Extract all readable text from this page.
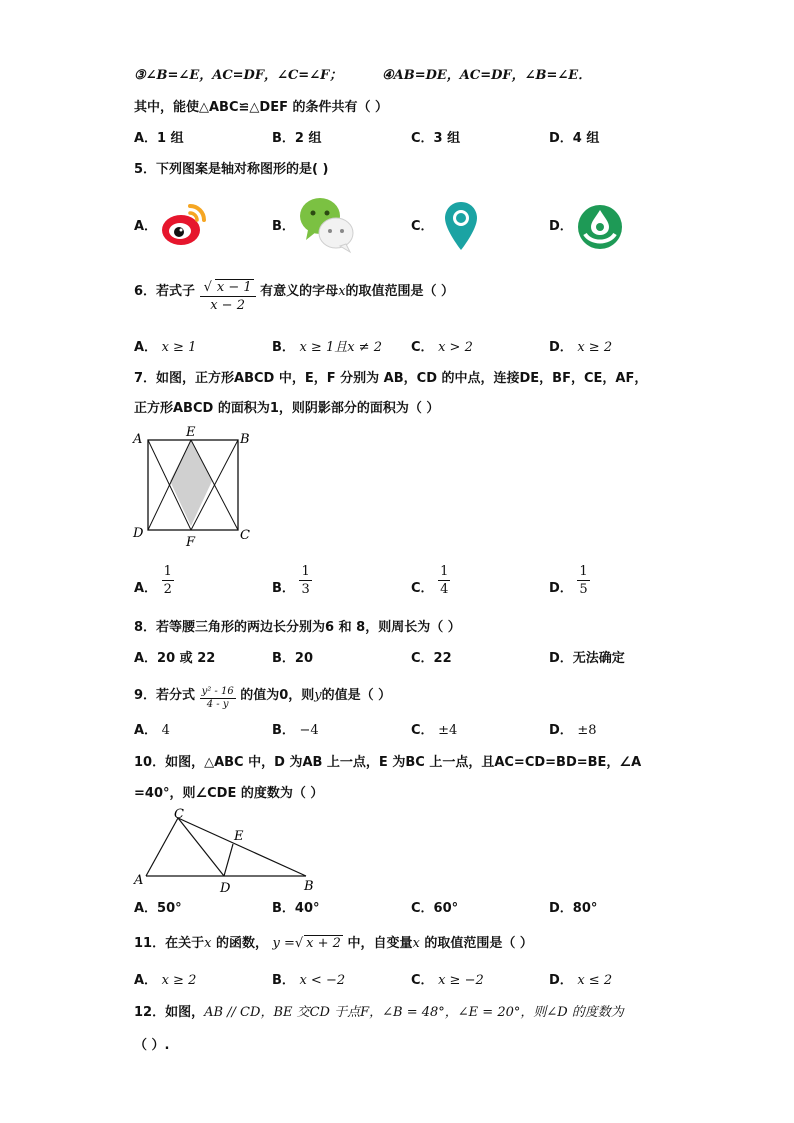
③∠B=∠E，AC=DF，∠C=∠F；	④AB=DE，AC=DF，∠B=∠E．
其中，能使△ABC≌△DEF 的条件共有（ ）
A．1 组	B．2 组	C．3 组	D．4 组
5．下列图案是轴对称图形的是( )
A．	B．	C．	D．
6．若式子 $\frac{√ x - 1}{x - 2}$ 有意义的字母x的取值范围是（ ）
A． x ≥ 1	B． x ≥ 1且x ≠ 2 C． x > 2	D． x ≥ 2
7．如图，正方形ABCD 中，E，F 分别为 AB，CD 的中点，连接DE，BF，CE，AF，
正方形ABCD 的面积为1，则阴影部分的面积为（ ）
A	B
C
D
E
F
A． $\frac{1}{2}$	B． $\frac{1}{3}$	C． $\frac{1}{4}$	D． $\frac{1}{5}$
8．若等腰三角形的两边长分别为6 和 8，则周长为（ ）
A．20 或 22	B．20	C．22	D．无法确定
9．若分式 $\frac{\text{y² - 16}}{4 - y}$ 的值为0，则y的值是（ ）
A． 4	B． −4	C． ±4	D． ±8
10．如图，△ABC 中，D 为AB 上一点，E 为BC 上一点，且AC=CD=BD=BE，∠A
=40°，则∠CDE 的度数为（ ）
A	B
C
D
E
A．50°	B．40°	C．60°	D．80°
11．在关于x 的函数， y =√ x + 2 中，自变量x 的取值范围是（ ）
A． x ≥ 2	B． x < −2	C． x ≥ −2	D． x ≤ 2
12．如图，AB // CD，BE 交CD 于点F，∠B = 48°，∠E = 20°，则∠D 的度数为
（ ）.
